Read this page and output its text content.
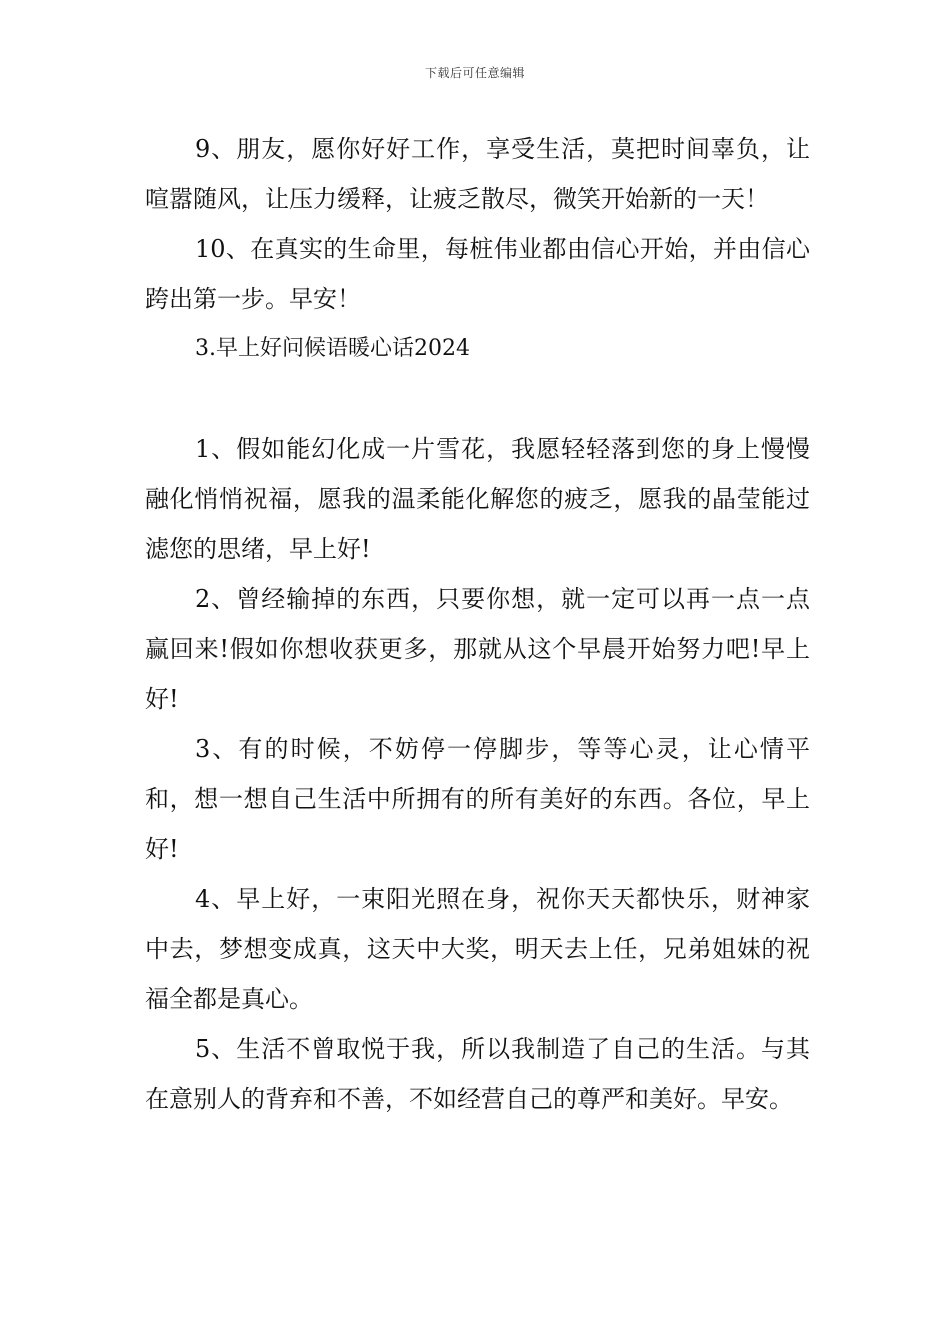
下载后可任意编辑

9、朋友，愿你好好工作，享受生活，莫把时间辜负，让喧嚣随风，让压力缓释，让疲乏散尽，微笑开始新的一天！

10、在真实的生命里，每桩伟业都由信心开始，并由信心跨出第一步。早安！

3.早上好问候语暖心话2024

1、假如能幻化成一片雪花，我愿轻轻落到您的身上慢慢融化悄悄祝福，愿我的温柔能化解您的疲乏，愿我的晶莹能过滤您的思绪，早上好!

2、曾经输掉的东西，只要你想，就一定可以再一点一点赢回来!假如你想收获更多，那就从这个早晨开始努力吧!早上好!

3、有的时候，不妨停一停脚步，等等心灵，让心情平和，想一想自己生活中所拥有的所有美好的东西。各位，早上好!

4、早上好，一束阳光照在身，祝你天天都快乐，财神家中去，梦想变成真，这天中大奖，明天去上任，兄弟姐妹的祝福全都是真心。

5、生活不曾取悦于我，所以我制造了自己的生活。与其在意别人的背弃和不善，不如经营自己的尊严和美好。早安。
